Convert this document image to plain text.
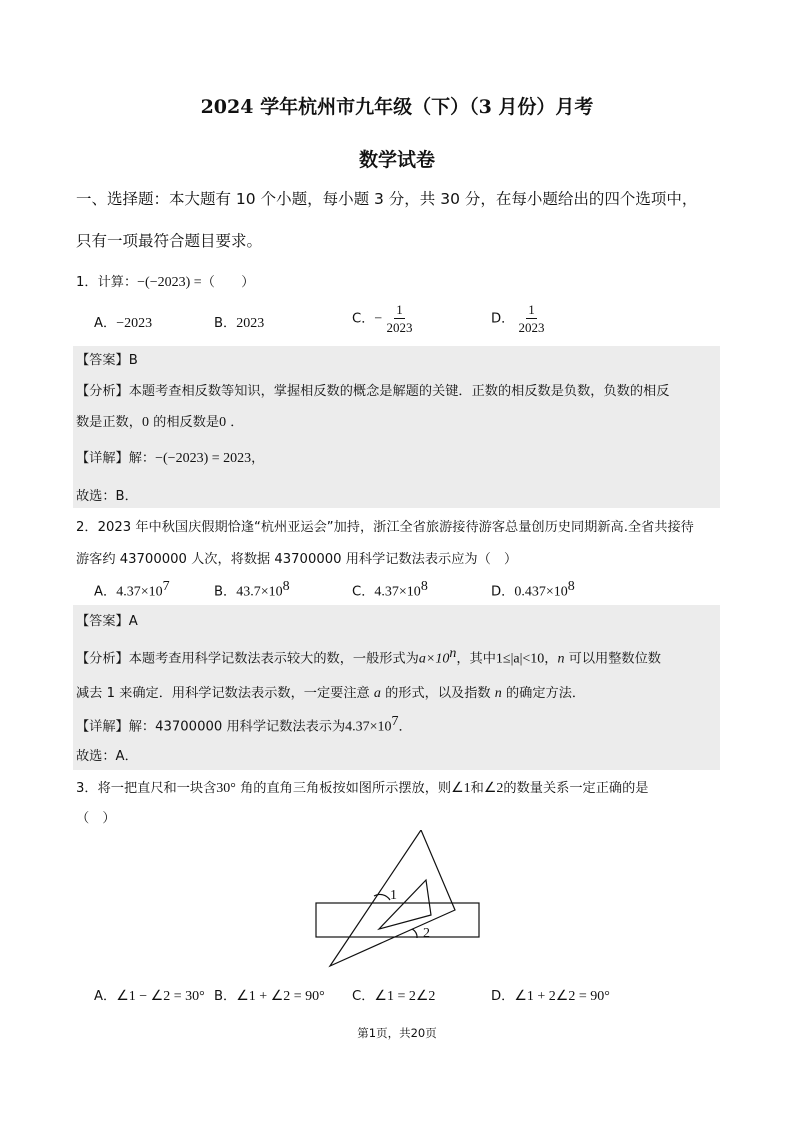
2024 学年杭州市九年级（下）（3 月份）月考
数学试卷
一、选择题：本大题有 10 个小题，每小题 3 分，共 30 分，在每小题给出的四个选项中，
只有一项最符合题目要求。
1．计算：−(−2023) =（　　）
A．−2023	B．2023	C．− $\frac{1}{2023}$	D． $\frac{1}{2023}$
【答案】B
【分析】本题考查相反数等知识，掌握相反数的概念是解题的关键．正数的相反数是负数，负数的相反
数是正数，0 的相反数是0 ．
【详解】解：−(−2023) = 2023，
故选：B．
2．2023 年中秋国庆假期恰逢“杭州亚运会”加持，浙江全省旅游接待游客总量创历史同期新高.全省共接待
游客约 43700000 人次，将数据 43700000 用科学记数法表示应为（　）
A．$4.37\times 10^7$	B．$43.7\times 10^8$	C．$4.37\times 10^8$	D．$0.437\times 10^8$
【答案】A
【分析】本题考查用科学记数法表示较大的数，一般形式为$a\times 10^n$，其中1≤|a|<10，n 可以用整数位数
减去 1 来确定．用科学记数法表示数，一定要注意 a 的形式，以及指数 n 的确定方法．
【详解】解：43700000 用科学记数法表示为$4.37\times 10^7$．
故选：A．
3．将一把直尺和一块含30° 角的直角三角板按如图所示摆放，则∠1和∠2的数量关系一定正确的是
（　）
1
2
A．∠1 − ∠2 = 30° B．∠1 + ∠2 = 90° C．∠1 = 2∠2	D．∠1 + 2∠2 = 90°
第1页，共20页
